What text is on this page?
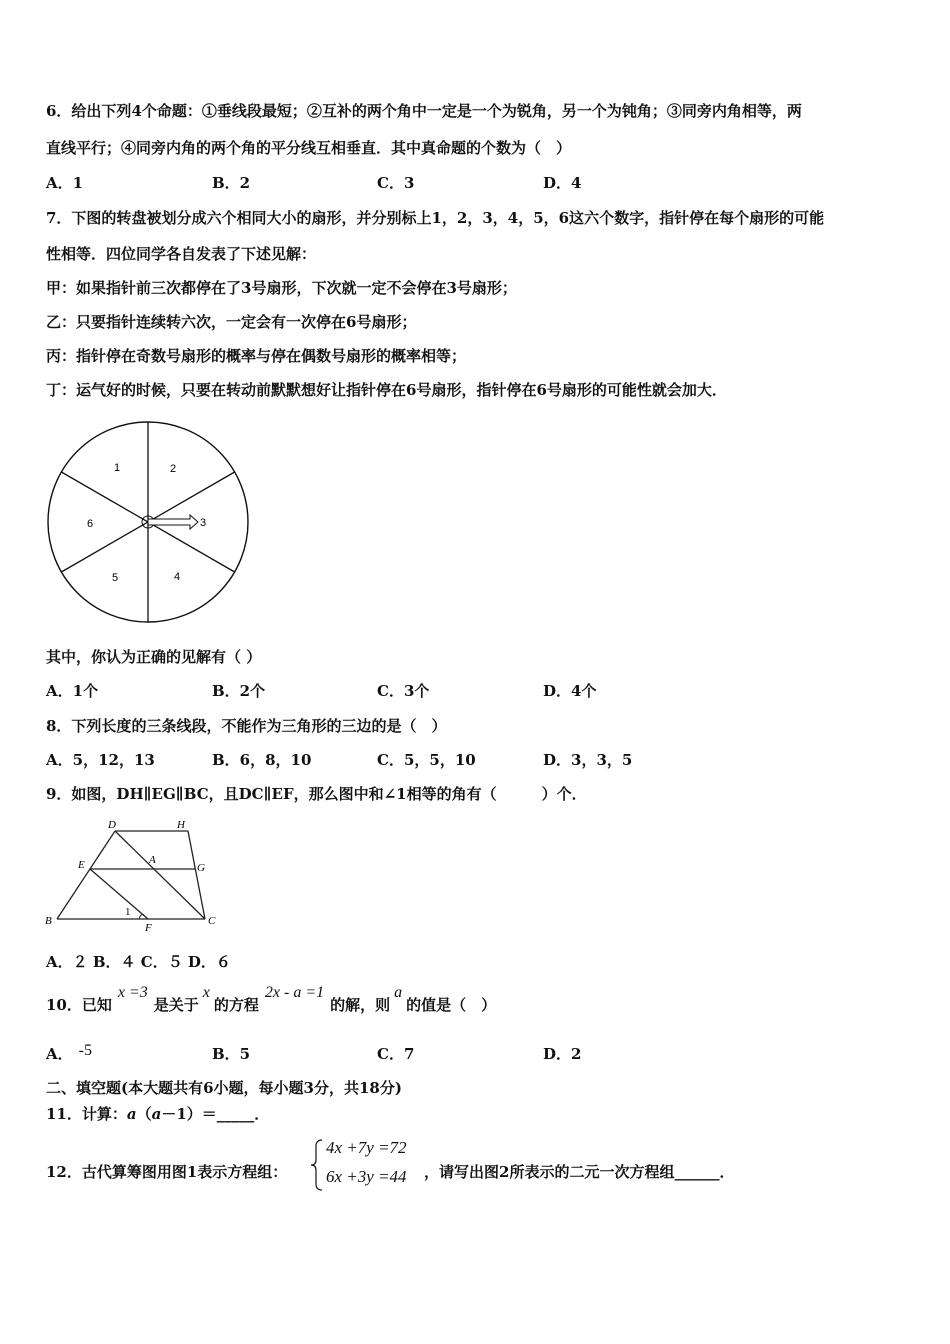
6．给出下列4个命题：①垂线段最短；②互补的两个角中一定是一个为锐角，另一个为钝角；③同旁内角相等，两
直线平行；④同旁内角的两个角的平分线互相垂直．其中真命题的个数为（　）
A．1	B．2	C．3	D．4
7．下图的转盘被划分成六个相同大小的扇形，并分别标上1，2，3，4，5，6这六个数字，指针停在每个扇形的可能
性相等．四位同学各自发表了下述见解：
甲：如果指针前三次都停在了3号扇形，下次就一定不会停在3号扇形；
乙：只要指针连续转六次，一定会有一次停在6号扇形；
丙：指针停在奇数号扇形的概率与停在偶数号扇形的概率相等；
丁：运气好的时候，只要在转动前默默想好让指针停在6号扇形，指针停在6号扇形的可能性就会加大．
1	2
3
4
5
6
其中，你认为正确的见解有（ ）
A．1个	B．2个	C．3个	D．4个
8．下列长度的三条线段，不能作为三角形的三边的是（　）
A．5，12，13	B．6，8，10	C．5，5，10	D．3，3，5
9．如图，DH∥EG∥BC，且DC∥EF，那么图中和∠1相等的角有（　　　）个．
D	H
E	A
G
B
1
F
C
A．２ B．４ C．５ D．６
10．已知x =3是关于x的方程2x - a =1的解，则a的值是（　）
A． -5	B．5	C．7	D．2
二、填空题(本大题共有6小题，每小题3分，共18分)
11．计算：a（a－1）＝_____．
12．古代算筹图用图1表示方程组：
4x +7y =72
6x +3y =44 ，请写出图2所表示的二元一次方程组______．
